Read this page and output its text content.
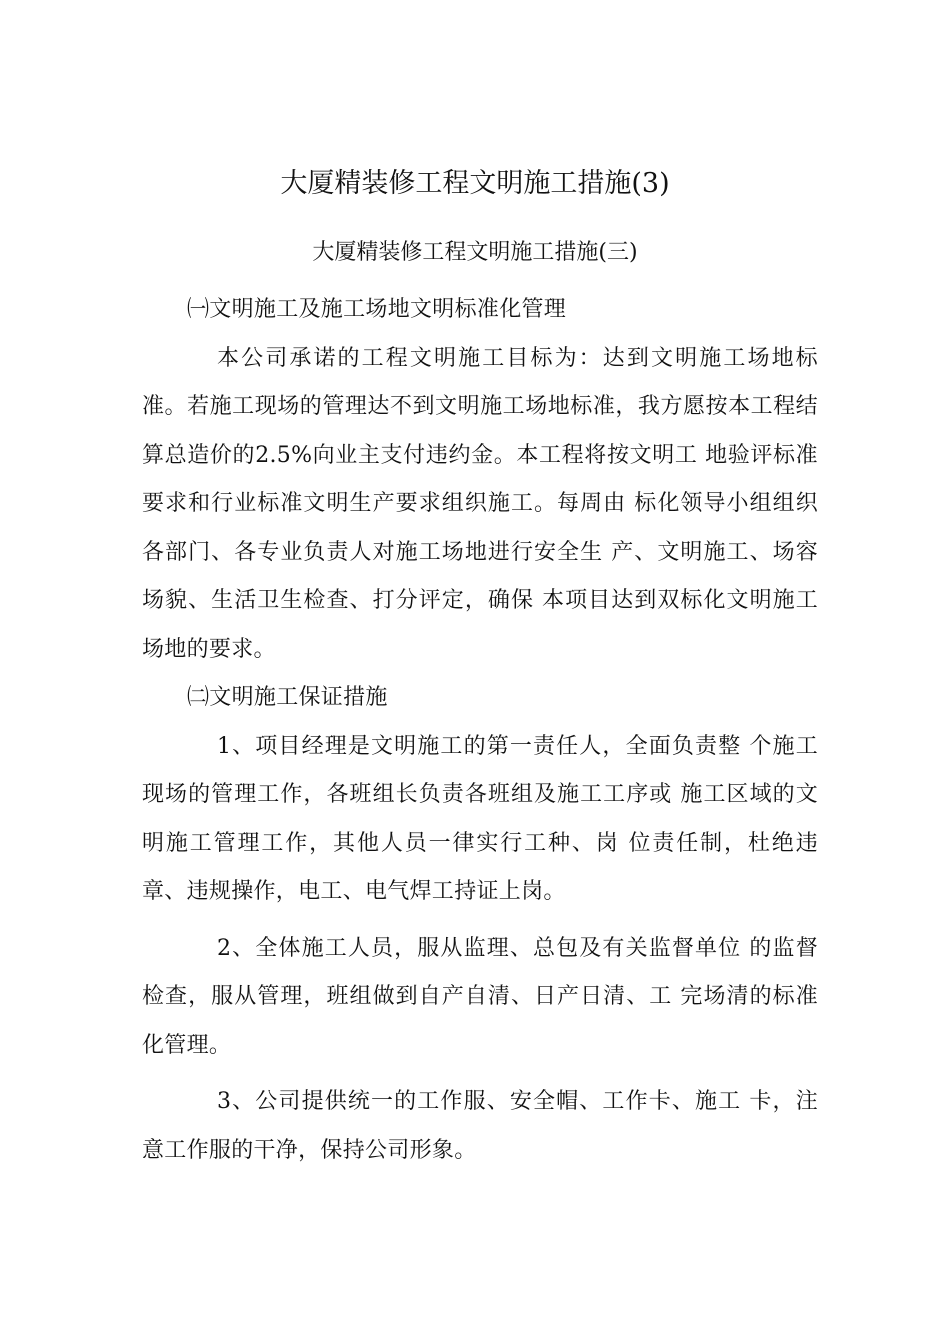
大厦精装修工程文明施工措施(3)
大厦精装修工程文明施工措施(三)

㈠文明施工及施工场地文明标准化管理

本公司承诺的工程文明施工目标为：达到文明施工场地标准。若施工现场的管理达不到文明施工场地标准，我方愿按本工程结算总造价的2.5%向业主支付违约金。本工程将按文明工 地验评标准要求和行业标准文明生产要求组织施工。每周由 标化领导小组组织各部门、各专业负责人对施工场地进行安全生 产、文明施工、场容场貌、生活卫生检查、打分评定，确保 本项目达到双标化文明施工场地的要求。

㈡文明施工保证措施

1、项目经理是文明施工的第一责任人，全面负责整 个施工现场的管理工作，各班组长负责各班组及施工工序或 施工区域的文明施工管理工作，其他人员一律实行工种、岗 位责任制，杜绝违章、违规操作，电工、电气焊工持证上岗。

2、全体施工人员，服从监理、总包及有关监督单位 的监督检查，服从管理，班组做到自产自清、日产日清、工 完场清的标准化管理。

3、公司提供统一的工作服、安全帽、工作卡、施工 卡，注意工作服的干净，保持公司形象。
